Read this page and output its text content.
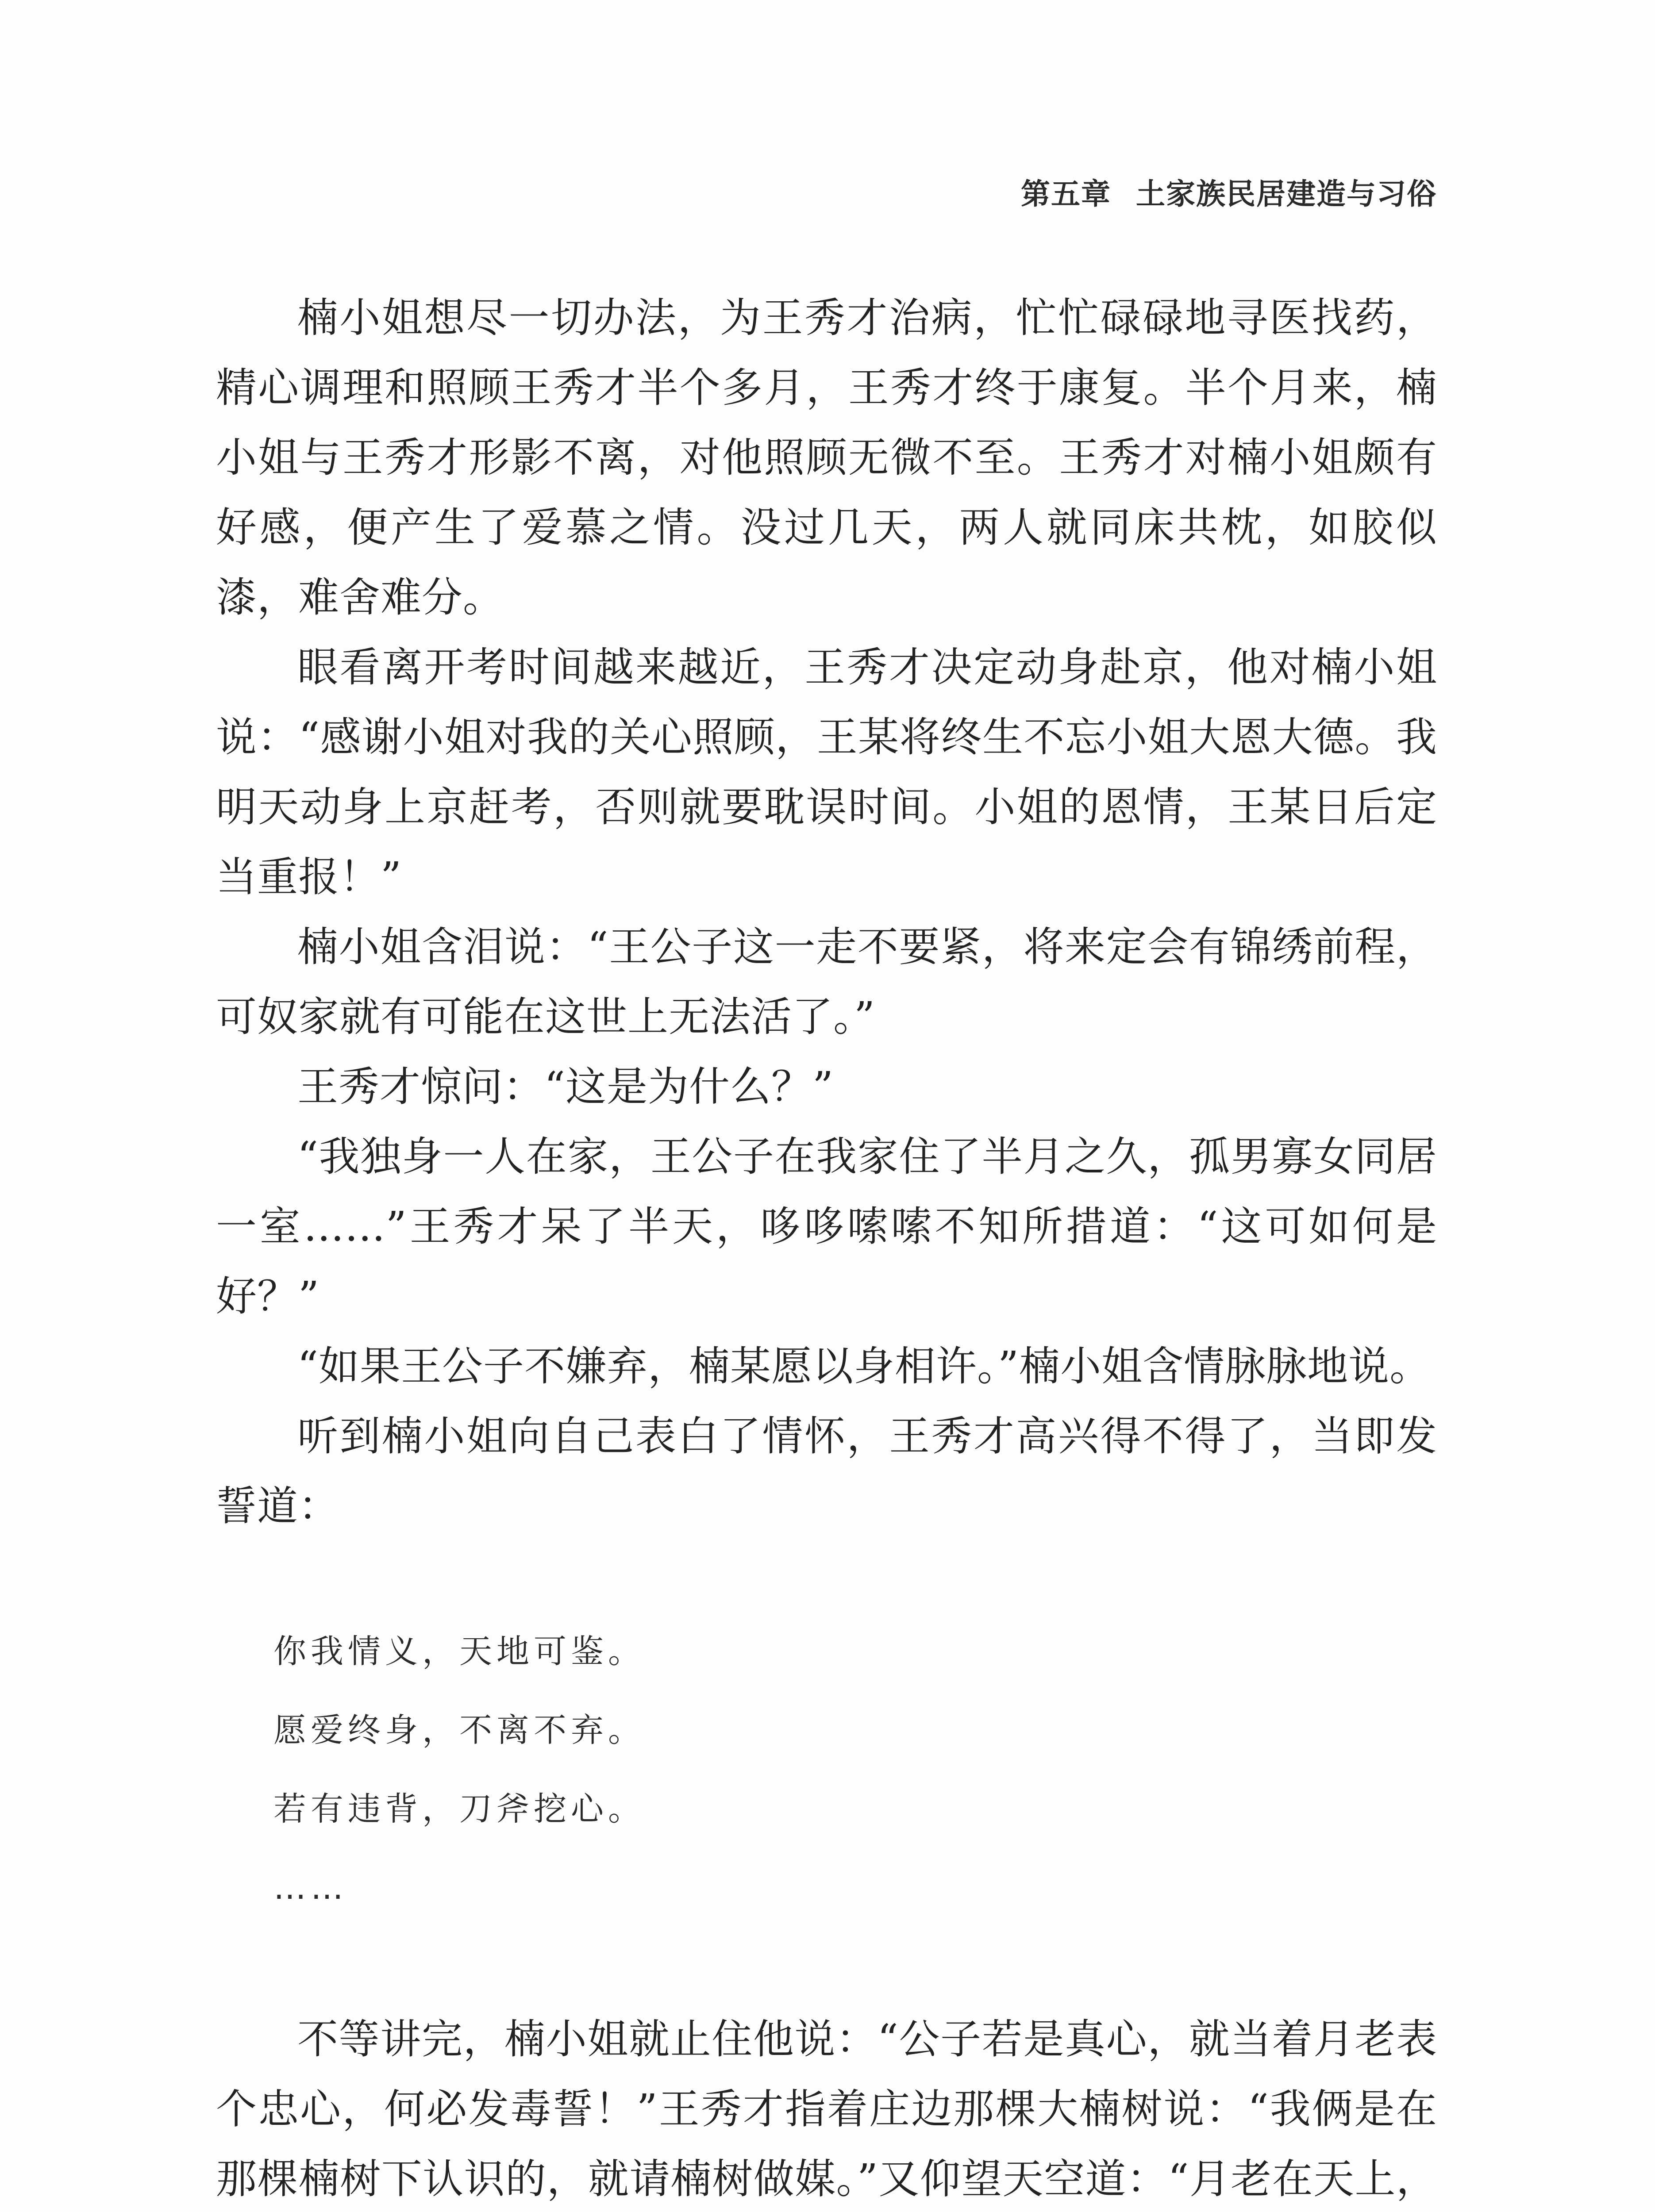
第五章 土家族民居建造与习俗

楠小姐想尽一切办法，为王秀才治病，忙忙碌碌地寻医找药，精心调理和照顾王秀才半个多月，王秀才终于康复。半个月来，楠小姐与王秀才形影不离，对他照顾无微不至。王秀才对楠小姐颇有好感，便产生了爱慕之情。没过几天，两人就同床共枕，如胶似漆，难舍难分。

眼看离开考时间越来越近，王秀才决定动身赴京，他对楠小姐说：“感谢小姐对我的关心照顾，王某将终生不忘小姐大恩大德。我明天动身上京赶考，否则就要耽误时间。小姐的恩情，王某日后定当重报！”

楠小姐含泪说：“王公子这一走不要紧，将来定会有锦绣前程，可奴家就有可能在这世上无法活了。”

王秀才惊问：“这是为什么？”

“我独身一人在家，王公子在我家住了半月之久，孤男寡女同居一室……”王秀才呆了半天，哆哆嗦嗦不知所措道：“这可如何是好？”

“如果王公子不嫌弃，楠某愿以身相许。”楠小姐含情脉脉地说。

听到楠小姐向自己表白了情怀，王秀才高兴得不得了，当即发誓道：

你我情义，天地可鉴。

愿爱终身，不离不弃。

若有违背，刀斧挖心。

……

不等讲完，楠小姐就止住他说：“公子若是真心，就当着月老表个忠心，何必发毒誓！”王秀才指着庄边那棵大楠树说：“我俩是在那棵楠树下认识的，就请楠树做媒。”又仰望天空道：“月老在天上，
